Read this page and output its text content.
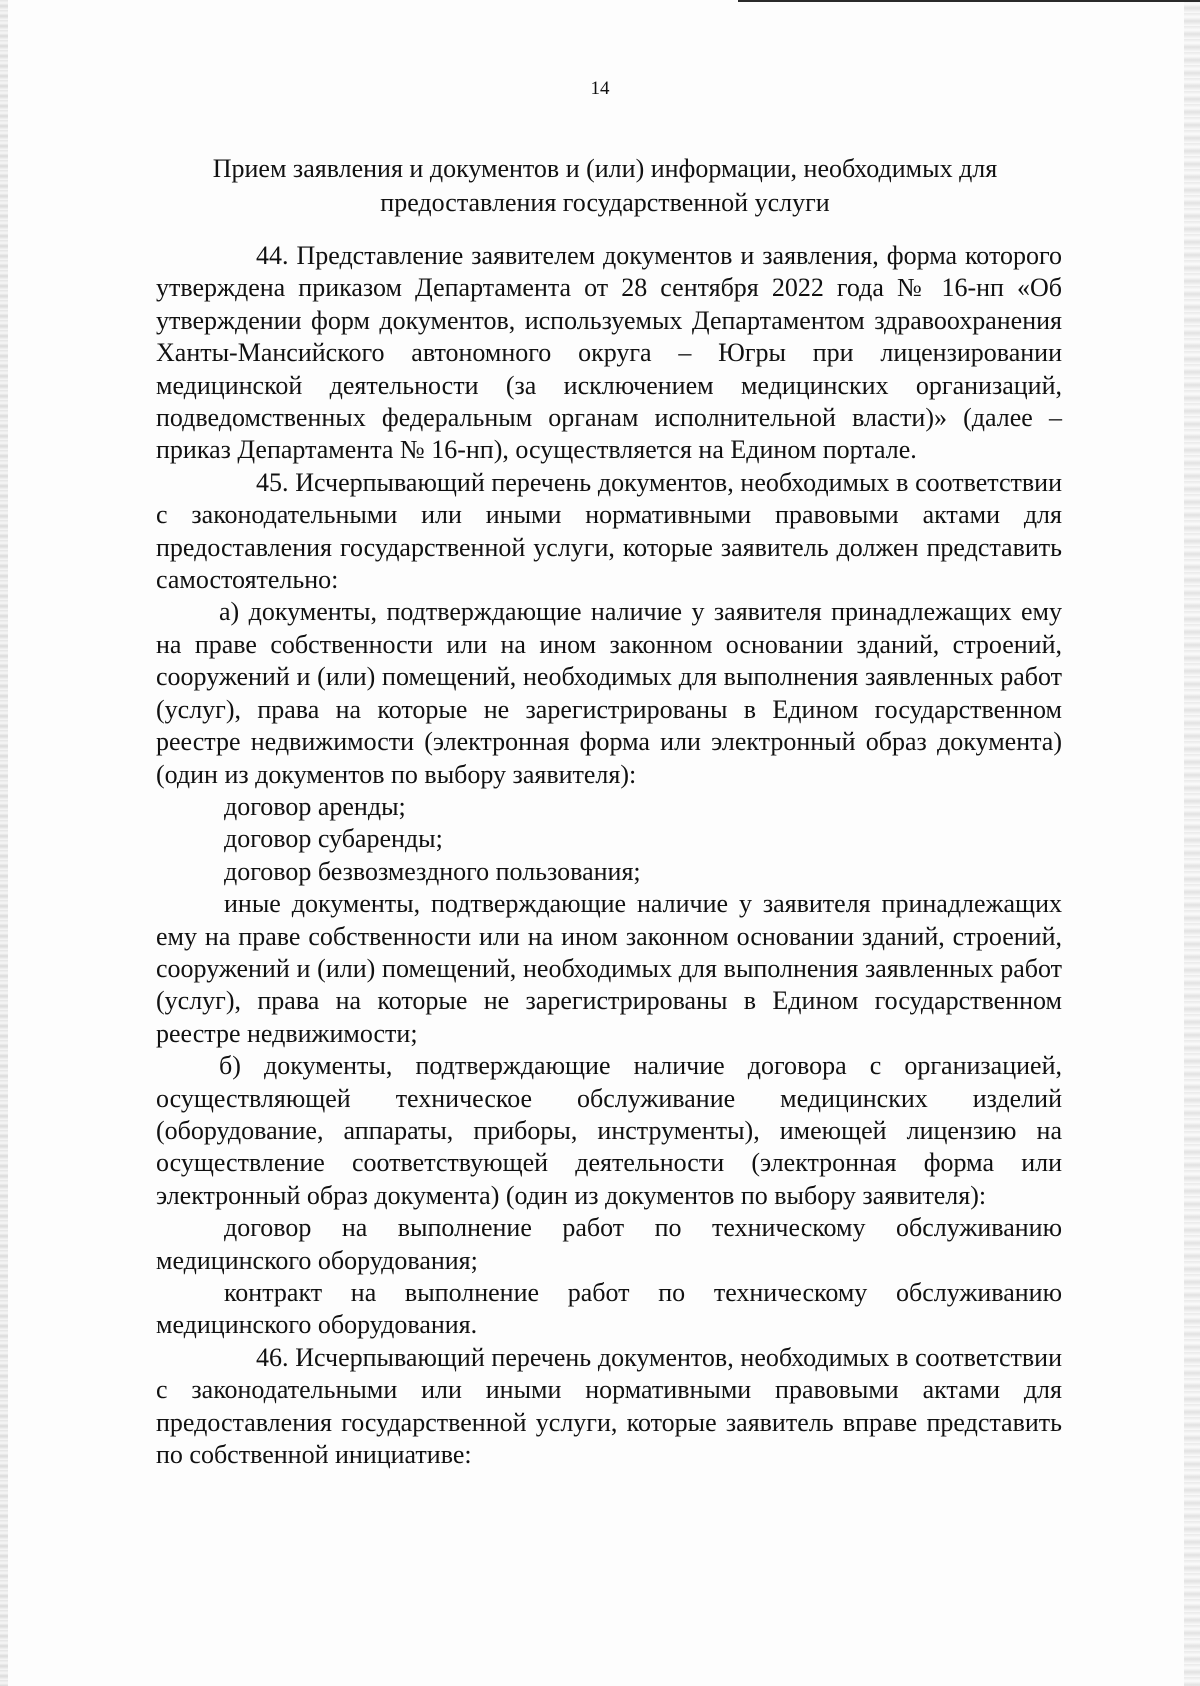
14
Прием заявления и документов и (или) информации, необходимых для предоставления государственной услуги

44. Представление заявителем документов и заявления, форма которого утверждена приказом Департамента от 28 сентября 2022 года № 16-нп «Об утверждении форм документов, используемых Департаментом здравоохранения Ханты-Мансийского автономного округа – Югры при лицензировании медицинской деятельности (за исключением медицинских организаций, подведомственных федеральным органам исполнительной власти)» (далее – приказ Департамента № 16-нп), осуществляется на Едином портале.

45. Исчерпывающий перечень документов, необходимых в соответствии с законодательными или иными нормативными правовыми актами для предоставления государственной услуги, которые заявитель должен представить самостоятельно:

а) документы, подтверждающие наличие у заявителя принадлежащих ему на праве собственности или на ином законном основании зданий, строений, сооружений и (или) помещений, необходимых для выполнения заявленных работ (услуг), права на которые не зарегистрированы в Едином государственном реестре недвижимости (электронная форма или электронный образ документа) (один из документов по выбору заявителя):

договор аренды;

договор субаренды;

договор безвозмездного пользования;

иные документы, подтверждающие наличие у заявителя принадлежащих ему на праве собственности или на ином законном основании зданий, строений, сооружений и (или) помещений, необходимых для выполнения заявленных работ (услуг), права на которые не зарегистрированы в Едином государственном реестре недвижимости;

б) документы, подтверждающие наличие договора с организацией, осуществляющей техническое обслуживание медицинских изделий (оборудование, аппараты, приборы, инструменты), имеющей лицензию на осуществление соответствующей деятельности (электронная форма или электронный образ документа) (один из документов по выбору заявителя):

договор на выполнение работ по техническому обслуживанию медицинского оборудования;

контракт на выполнение работ по техническому обслуживанию медицинского оборудования.

46. Исчерпывающий перечень документов, необходимых в соответствии с законодательными или иными нормативными правовыми актами для предоставления государственной услуги, которые заявитель вправе представить по собственной инициативе:
